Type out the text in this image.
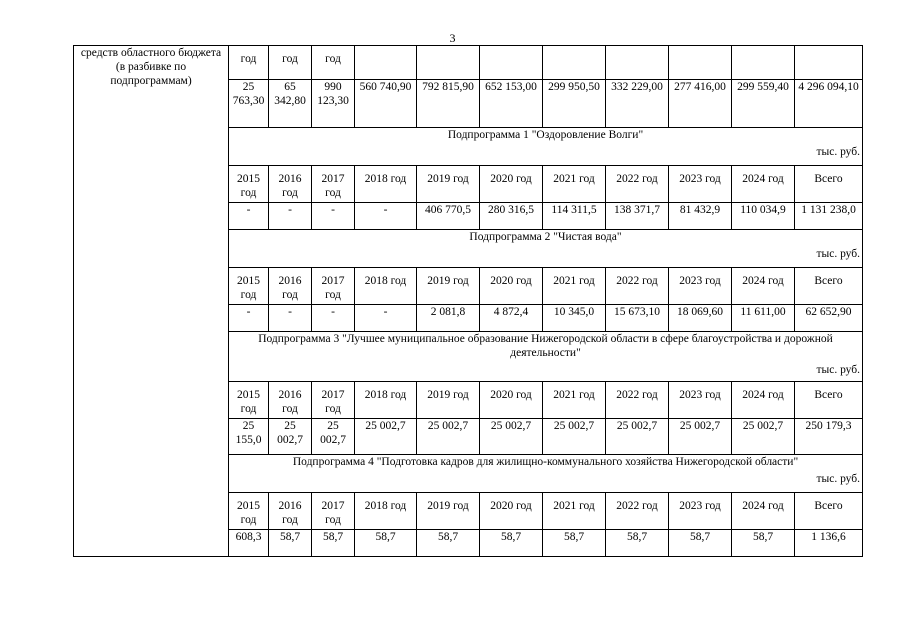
3
средств областного бюджета (в разбивке по подпрограммам)	год	год	год								
	25 763,30	65 342,80	990 123,30	560 740,90	792 815,90	652 153,00	299 950,50	332 229,00	277 416,00	299 559,40	4 296 094,10
	Подпрограмма 1 "Оздоровление Волги"
тыс. руб.										

	2015 год	2016 год	2017 год	2018 год	2019 год	2020 год	2021 год	2022 год	2023 год	2024 год	Всего
	-	-	-	-	406 770,5	280 316,5	114 311,5	138 371,7	81 432,9	110 034,9	1 131 238,0
	Подпрограмма 2 "Чистая вода"
тыс. руб.										

	2015 год	2016 год	2017 год	2018 год	2019 год	2020 год	2021 год	2022 год	2023 год	2024 год	Всего
	-	-	-	-	2 081,8	4 872,4	10 345,0	15 673,10	18 069,60	11 611,00	62 652,90
	Подпрограмма 3 "Лучшее муниципальное образование Нижегородской области в сфере благоустройства и дорожной деятельности"
тыс. руб.										

	2015 год	2016 год	2017 год	2018 год	2019 год	2020 год	2021 год	2022 год	2023 год	2024 год	Всего
	25 155,0	25 002,7	25 002,7	25 002,7	25 002,7	25 002,7	25 002,7	25 002,7	25 002,7	25 002,7	250 179,3
	Подпрограмма 4 "Подготовка кадров для жилищно-коммунального хозяйства Нижегородской области"
тыс. руб.										

	2015 год	2016 год	2017 год	2018 год	2019 год	2020 год	2021 год	2022 год	2023 год	2024 год	Всего
	608,3	58,7	58,7	58,7	58,7	58,7	58,7	58,7	58,7	58,7	1 136,6
